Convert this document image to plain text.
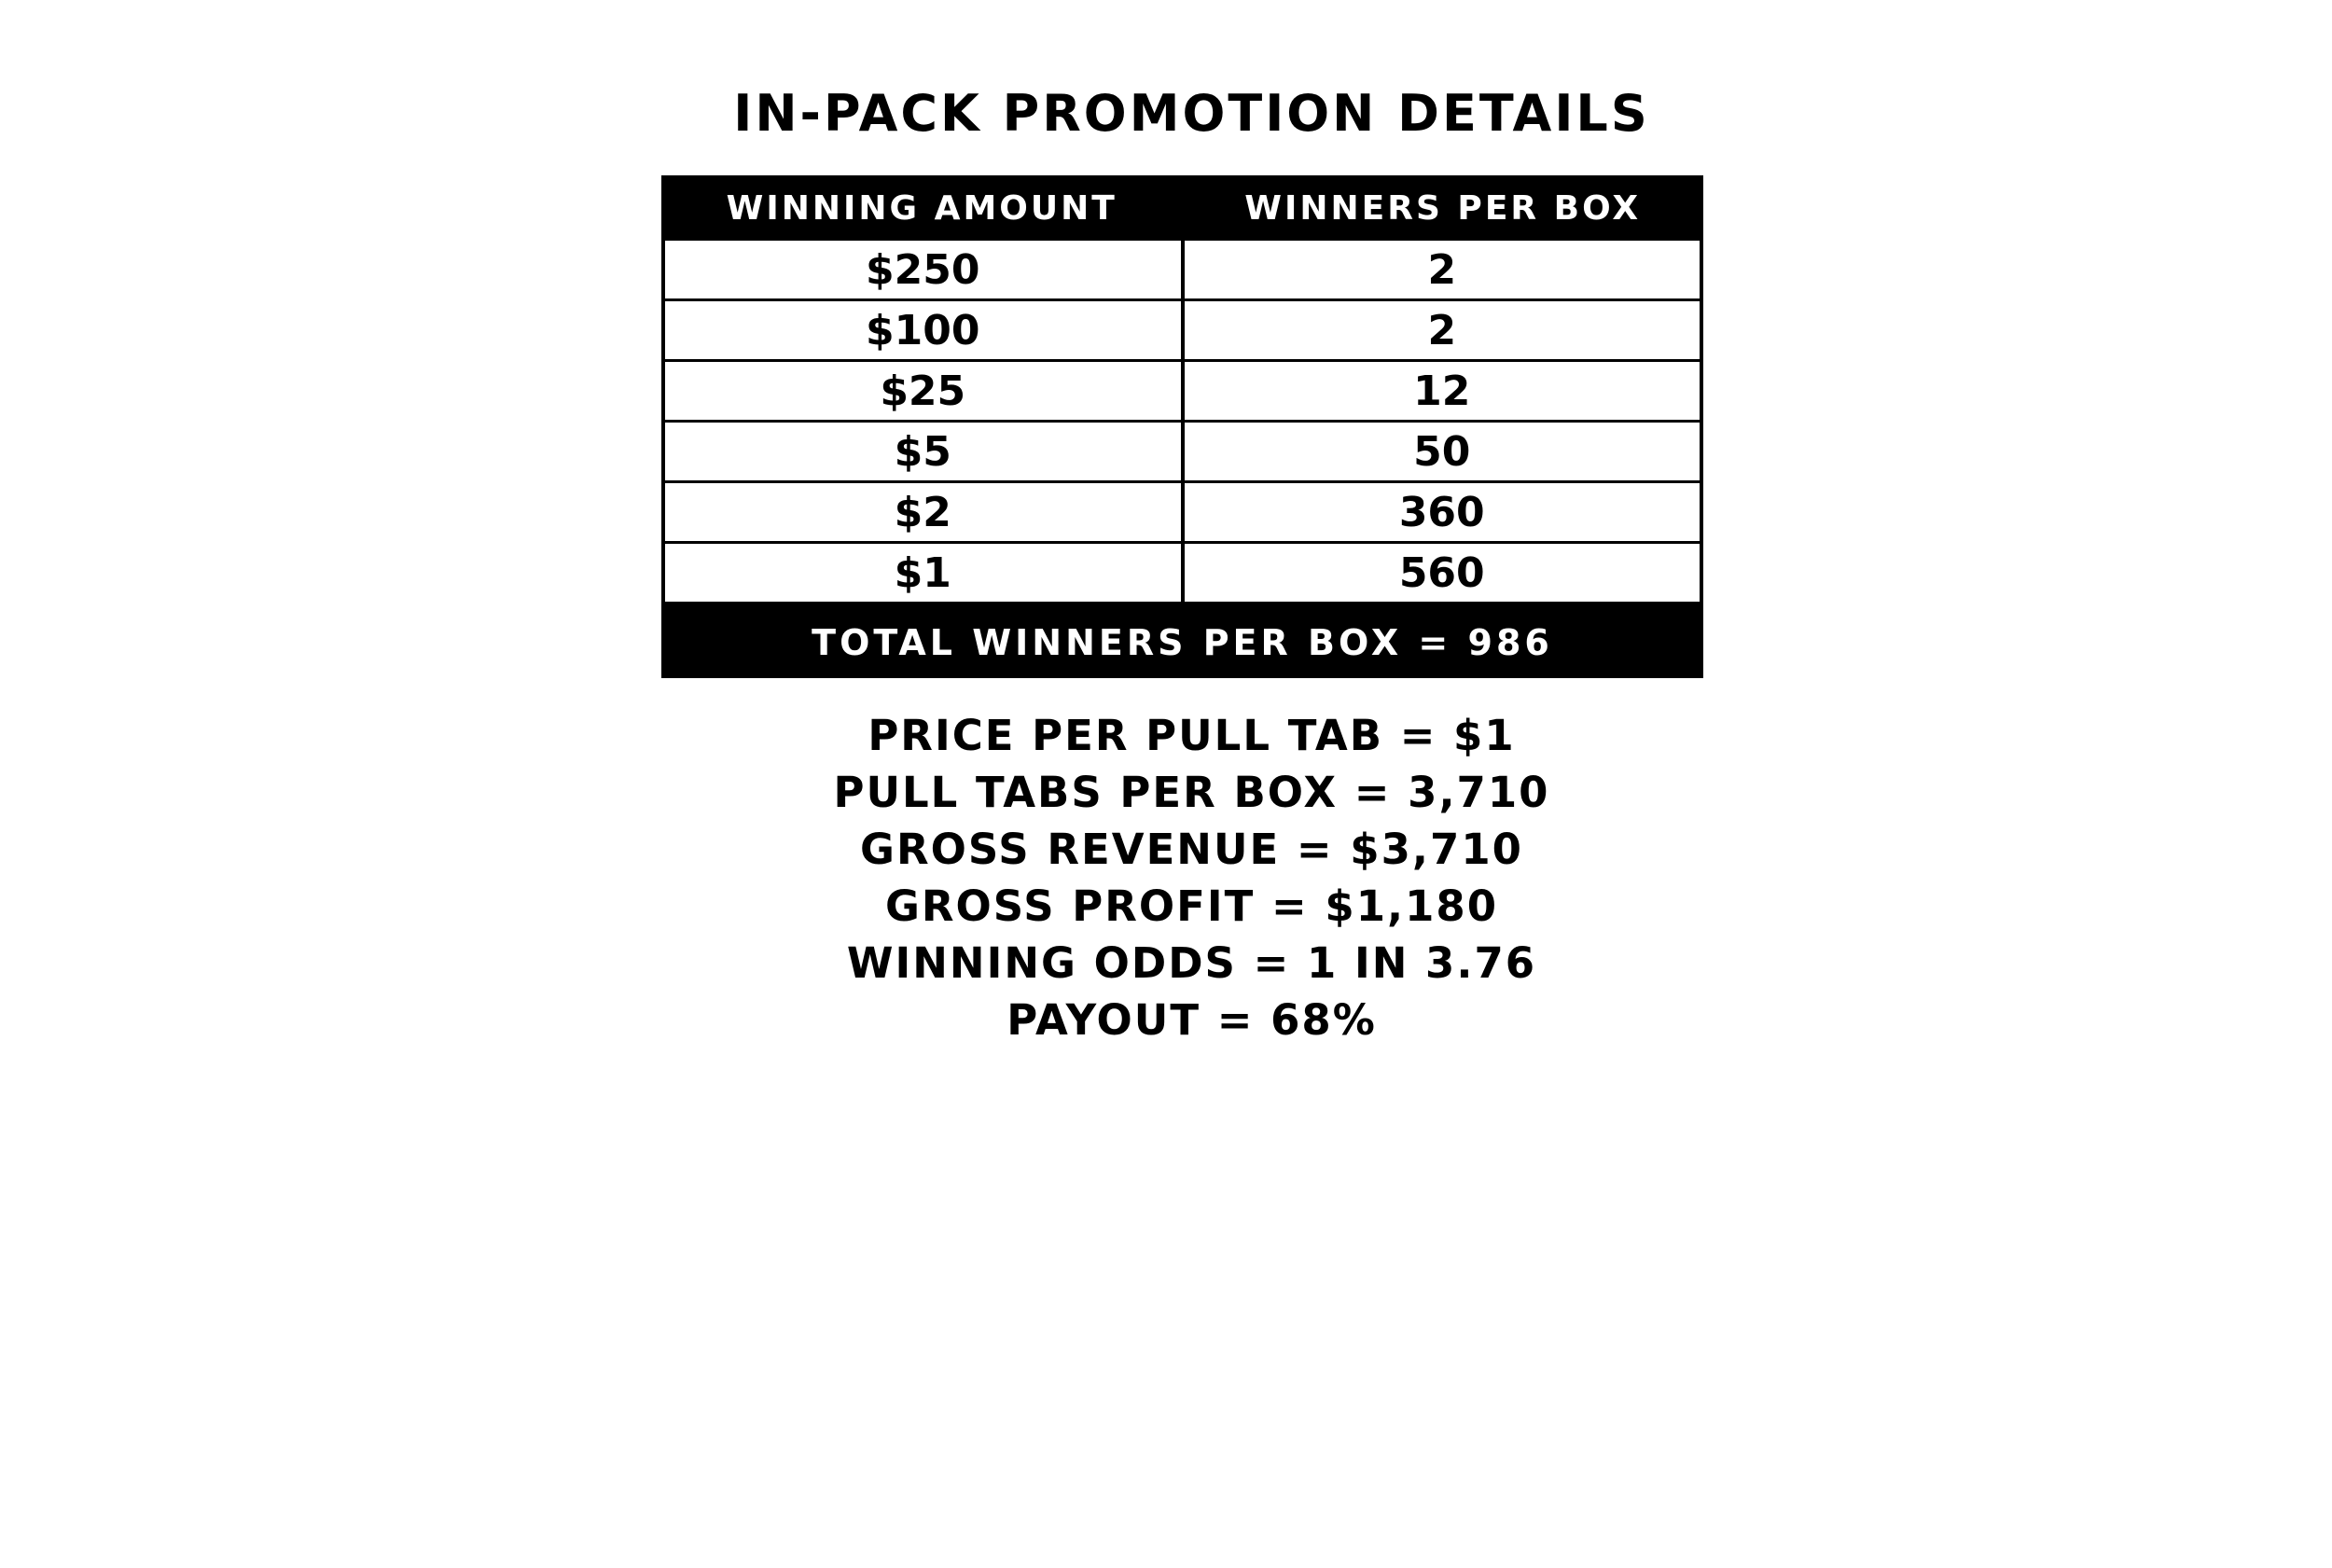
IN-PACK PROMOTION DETAILS
WINNING AMOUNT	WINNERS PER BOX
$250	2
$100	2
$25	12
$5	50
$2	360
$1	560
TOTAL WINNERS PER BOX = 986
PRICE PER PULL TAB = $1
PULL TABS PER BOX = 3,710
GROSS REVENUE = $3,710
GROSS PROFIT = $1,180
WINNING ODDS = 1 IN 3.76
PAYOUT = 68%
